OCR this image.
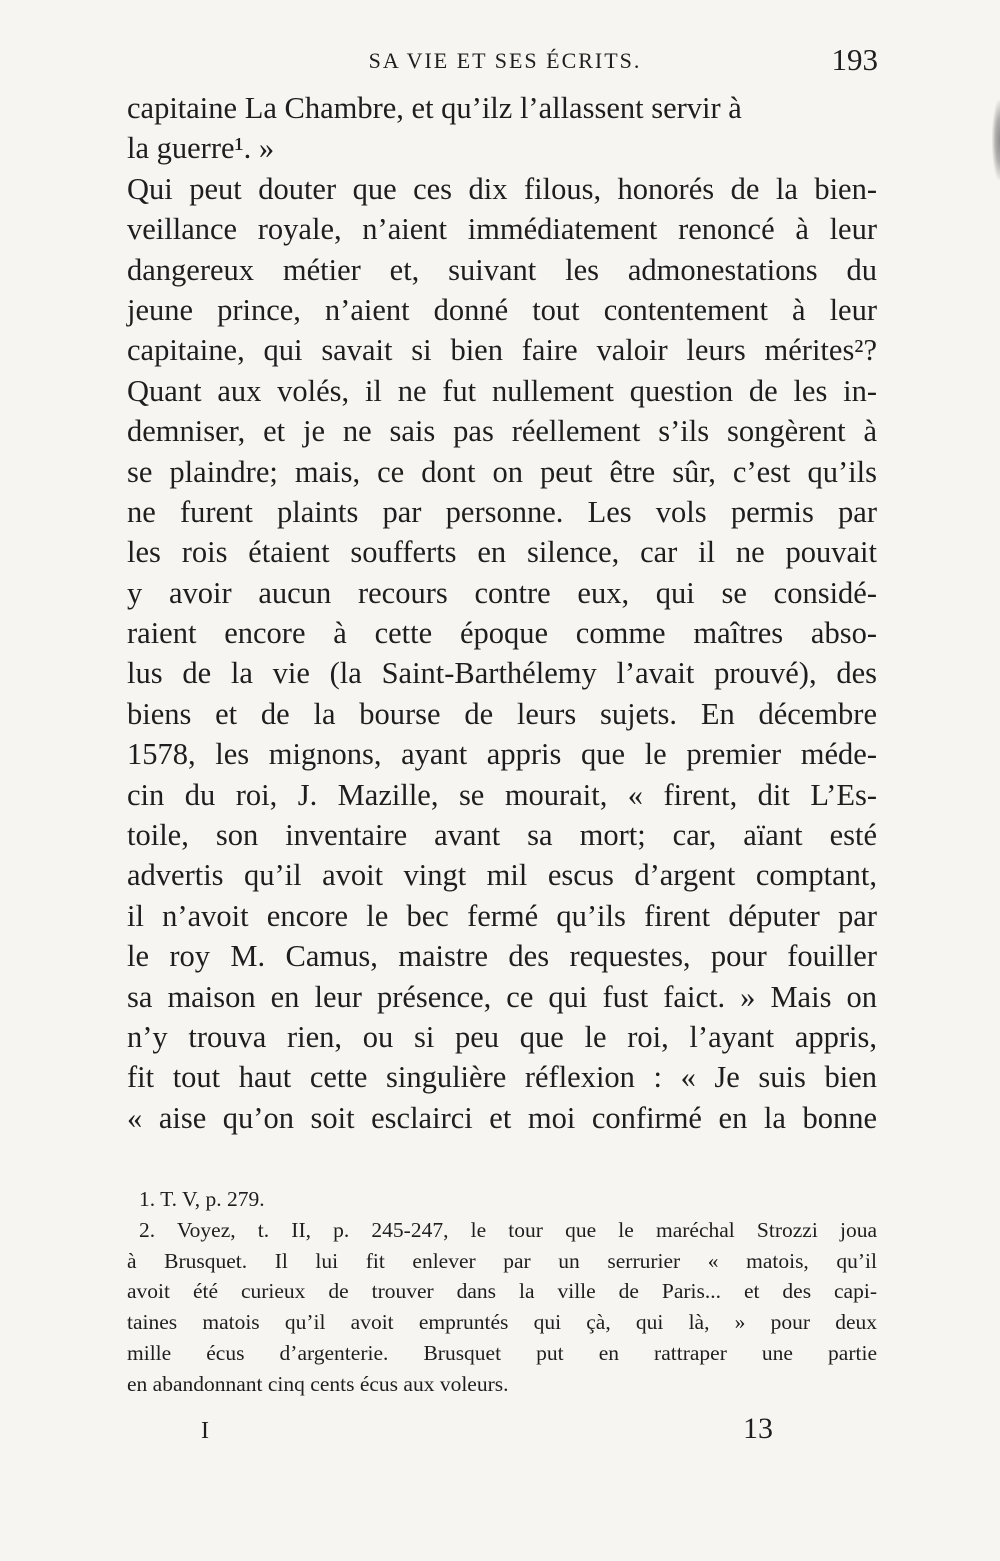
SA VIE ET SES ÉCRITS.	193
capitaine La Chambre, et qu’ilz l’allassent servir à
la guerre¹. »
Qui peut douter que ces dix filous, honorés de la bien-
veillance royale, n’aient immédiatement renoncé à leur
dangereux métier et, suivant les admonestations du
jeune prince, n’aient donné tout contentement à leur
capitaine, qui savait si bien faire valoir leurs mérites²?
Quant aux volés, il ne fut nullement question de les in-
demniser, et je ne sais pas réellement s’ils songèrent à
se plaindre; mais, ce dont on peut être sûr, c’est qu’ils
ne furent plaints par personne. Les vols permis par
les rois étaient soufferts en silence, car il ne pouvait
y avoir aucun recours contre eux, qui se considé-
raient encore à cette époque comme maîtres abso-
lus de la vie (la Saint-Barthélemy l’avait prouvé), des
biens et de la bourse de leurs sujets. En décembre
1578, les mignons, ayant appris que le premier méde-
cin du roi, J. Mazille, se mourait, « firent, dit L’Es-
toile, son inventaire avant sa mort; car, aïant esté
advertis qu’il avoit vingt mil escus d’argent comptant,
il n’avoit encore le bec fermé qu’ils firent députer par
le roy M. Camus, maistre des requestes, pour fouiller
sa maison en leur présence, ce qui fust faict. » Mais on
n’y trouva rien, ou si peu que le roi, l’ayant appris,
fit tout haut cette singulière réflexion : « Je suis bien
« aise qu’on soit esclairci et moi confirmé en la bonne
1. T. V, p. 279.
2. Voyez, t. II, p. 245-247, le tour que le maréchal Strozzi joua
à Brusquet. Il lui fit enlever par un serrurier « matois, qu’il
avoit été curieux de trouver dans la ville de Paris... et des capi-
taines matois qu’il avoit empruntés qui çà, qui là, » pour deux
mille écus d’argenterie. Brusquet put en rattraper une partie
en abandonnant cinq cents écus aux voleurs.
I	13
